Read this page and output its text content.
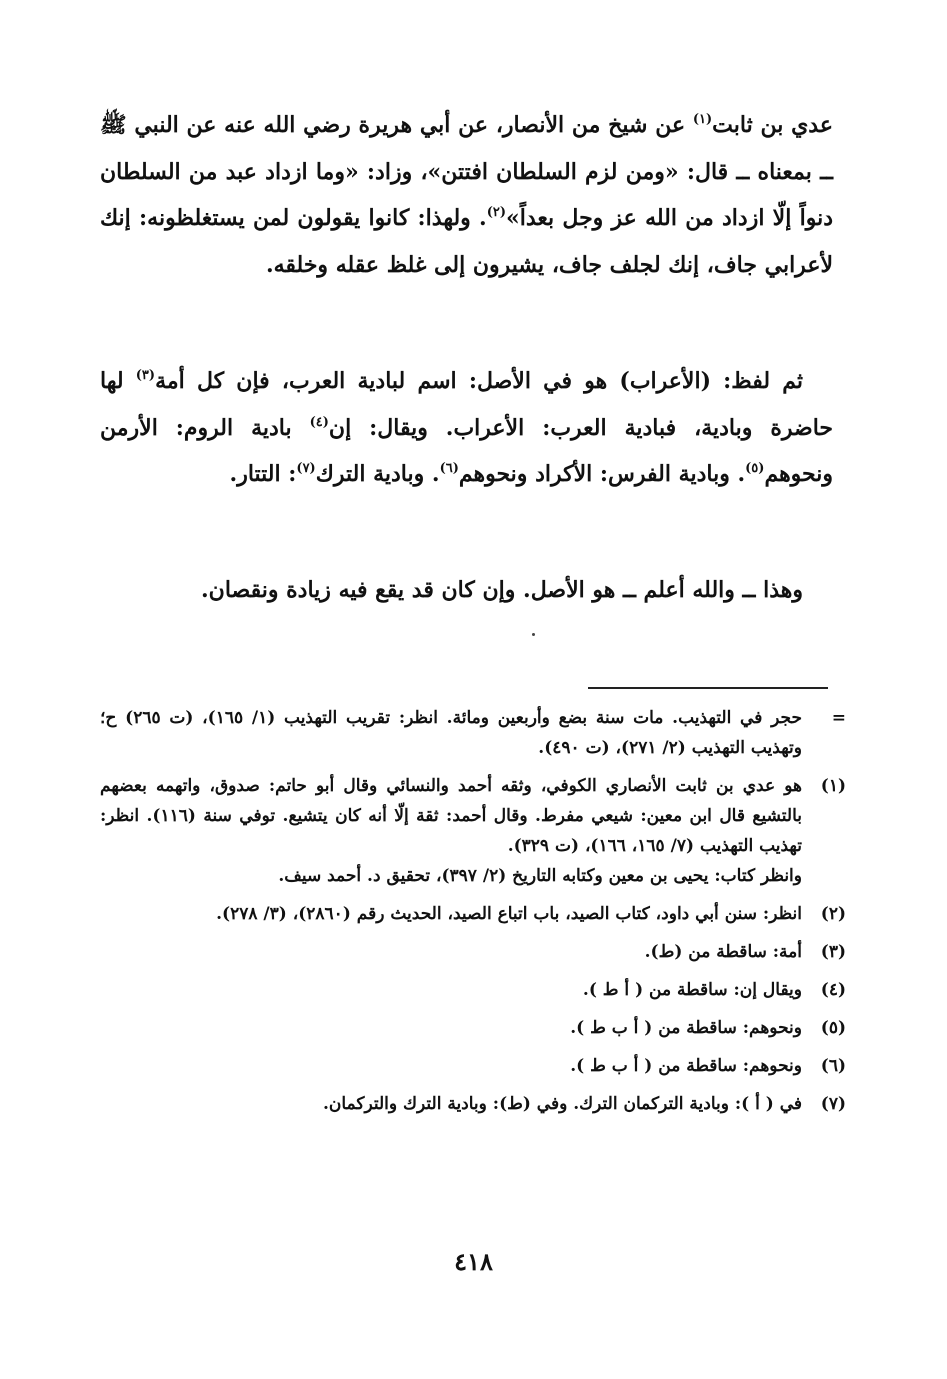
عدي بن ثابت$^{(١)}$ عن شيخ من الأنصار، عن أبي هريرة رضي الله عنه عن النبي ﷺ ــ بمعناه ــ قال: «ومن لزم السلطان افتتن»، وزاد: «وما ازداد عبد من السلطان دنواً إلّا ازداد من الله عز وجل بعداً»$^{(٢)}$. ولهذا: كانوا يقولون لمن يستغلظونه: إنك لأعرابي جاف، إنك لجلف جاف، يشيرون إلى غلظ عقله وخلقه.
ثم لفظ: (الأعراب) هو في الأصل: اسم لبادية العرب، فإن كل أمة$^{(٣)}$ لها حاضرة وبادية، فبادية العرب: الأعراب. ويقال: إن$^{(٤)}$ بادية الروم: الأرمن ونحوهم$^{(٥)}$. وبادية الفرس: الأكراد ونحوهم$^{(٦)}$. وبادية الترك$^{(٧)}$: التتار.
وهذا ــ والله أعلم ــ هو الأصل. وإن كان قد يقع فيه زيادة ونقصان.
=
حجر في التهذيب. مات سنة بضع وأربعين ومائة. انظر: تقريب التهذيب (١/ ١٦٥)، (ت ٢٦٥) ح؛ وتهذيب التهذيب (٢/ ٢٧١)، (ت ٤٩٠).
(١)
هو عدي بن ثابت الأنصاري الكوفي، وثقه أحمد والنسائي وقال أبو حاتم: صدوق، واتهمه بعضهم بالتشيع قال ابن معين: شيعي مفرط. وقال أحمد: ثقة إلّا أنه كان يتشيع. توفي سنة (١١٦). انظر: تهذيب التهذيب (٧/ ١٦٥، ١٦٦)، (ت ٣٢٩).
وانظر كتاب: يحيى بن معين وكتابه التاريخ (٢/ ٣٩٧)، تحقيق د. أحمد سيف.
(٢)
انظر: سنن أبي داود، كتاب الصيد، باب اتباع الصيد، الحديث رقم (٢٨٦٠)، (٣/ ٢٧٨).
(٣)
أمة: ساقطة من (ط).
(٤)
ويقال إن: ساقطة من ( أ ط ).
(٥)
ونحوهم: ساقطة من ( أ ب ط ).
(٦)
ونحوهم: ساقطة من ( أ ب ط ).
(٧)
في ( أ ): وبادية التركمان الترك. وفي (ط): وبادية الترك والتركمان.
٤١٨
